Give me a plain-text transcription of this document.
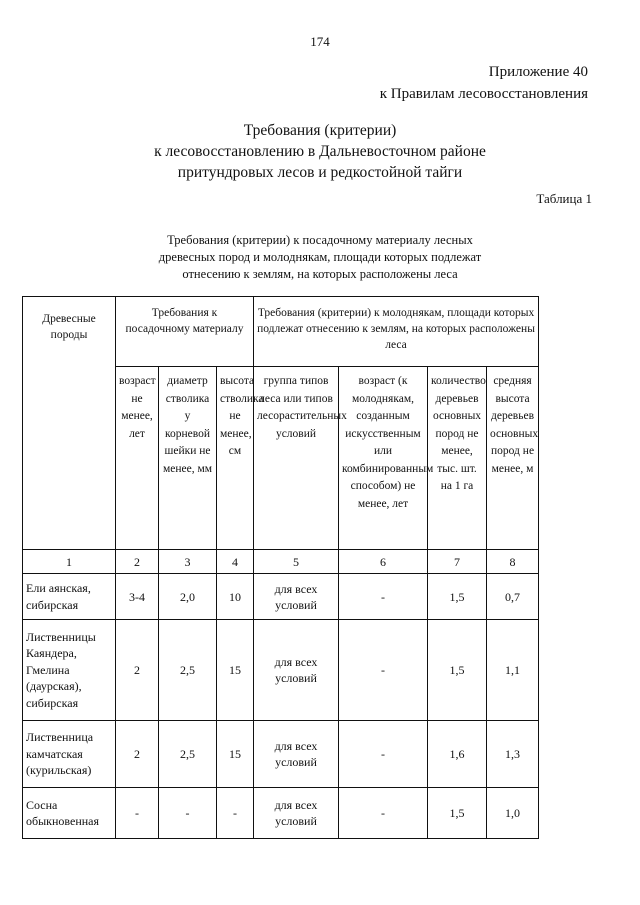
174
Приложение 40
к Правилам лесовосстановления
Требования (критерии)
к лесовосстановлению в Дальневосточном районе
притундровых лесов и редкостойной тайги
Таблица 1
Требования (критерии) к посадочному материалу лесных
древесных пород и молоднякам, площади которых подлежат
отнесению к землям, на которых расположены леса
Древесные породы	Требования к посадочному материалу			Требования (критерии) к молоднякам, площади которых подлежат отнесению к землям, на которых расположены леса			
	возраст не менее, лет	диаметр стволика у корневой шейки не менее, мм	высота стволика не менее, см	группа типов леса или типов лесорастительных условий	возраст (к молоднякам, созданным искусственным или комбинированным способом) не менее, лет	количество деревьев основных пород не менее, тыс. шт. на 1 га	средняя высота деревьев основных пород не менее, м
1	2	3	4	5	6	7	8
Ели аянская, сибирская	3-4	2,0	10	для всех условий	-	1,5	0,7
Лиственницы Каяндера, Гмелина (даурская), сибирская	2	2,5	15	для всех условий	-	1,5	1,1
Лиственница камчатская (курильская)	2	2,5	15	для всех условий	-	1,6	1,3
Сосна обыкновенная	-	-	-	для всех условий	-	1,5	1,0
